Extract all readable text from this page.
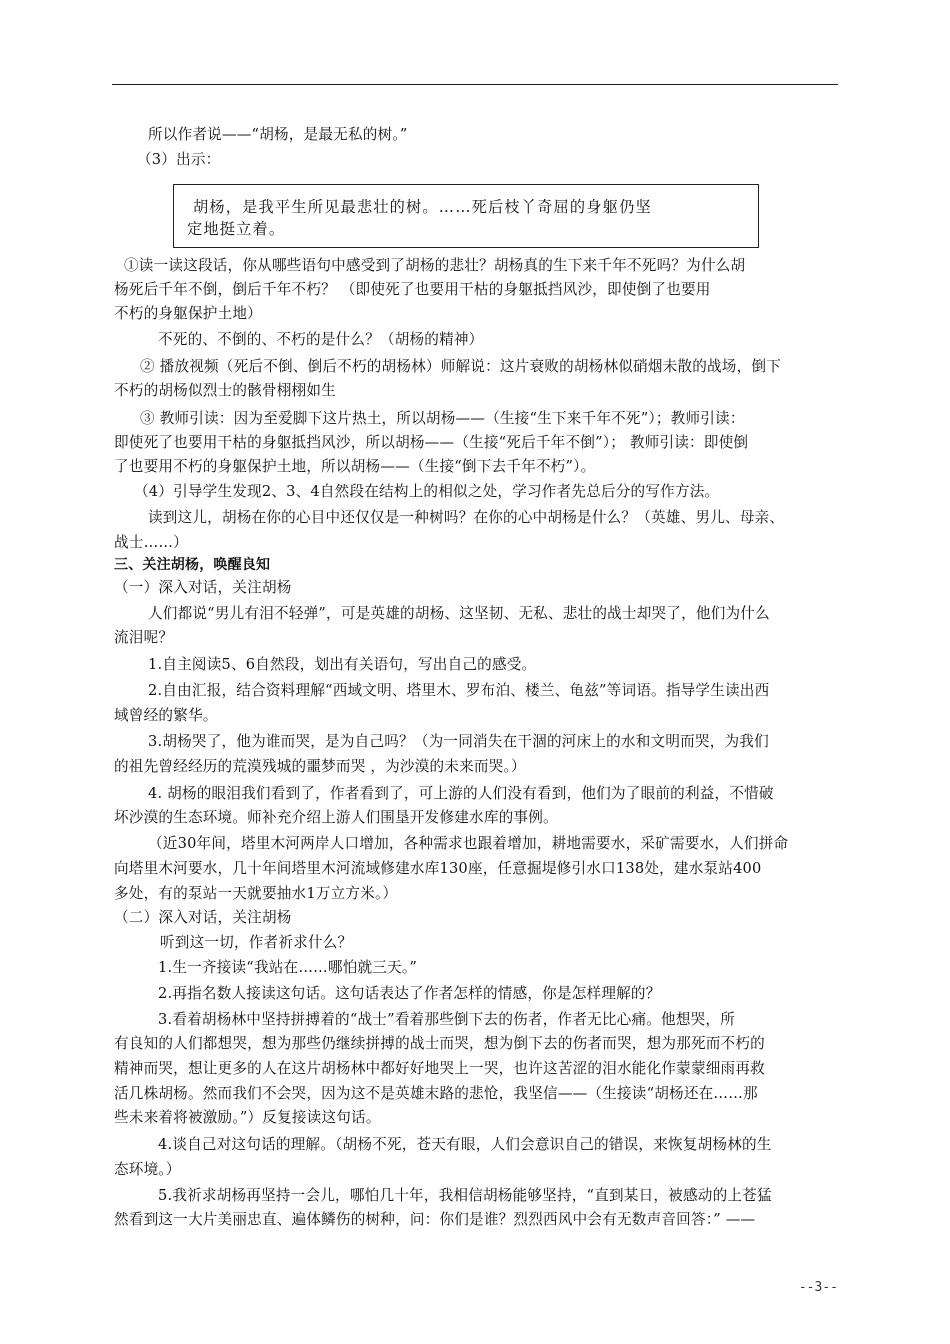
所以作者说——“胡杨，是最无私的树。”
（3）出示：
胡杨，是我平生所见最悲壮的树。……死后枝丫奇屈的身躯仍坚
定地挺立着。
①读一读这段话，你从哪些语句中感受到了胡杨的悲壮？胡杨真的生下来千年不死吗？为什么胡
杨死后千年不倒，倒后千年不朽？ （即使死了也要用干枯的身躯抵挡风沙，即使倒了也要用
不朽的身躯保护土地）
不死的、不倒的、不朽的是什么？（胡杨的精神）
② 播放视频（死后不倒、倒后不朽的胡杨林）师解说：这片衰败的胡杨林似硝烟未散的战场，倒下
不朽的胡杨似烈士的骸骨栩栩如生
③ 教师引读：因为至爱脚下这片热土，所以胡杨——（生接“生下来千年不死”）；教师引读：
即使死了也要用干枯的身躯抵挡风沙，所以胡杨——（生接“死后千年不倒”）； 教师引读：即使倒
了也要用不朽的身躯保护土地，所以胡杨——（生接“倒下去千年不朽”）。
（4）引导学生发现2、3、4自然段在结构上的相似之处，学习作者先总后分的写作方法。
读到这儿，胡杨在你的心目中还仅仅是一种树吗？在你的心中胡杨是什么？（英雄、男儿、母亲、
战士……）
三、关注胡杨，唤醒良知
（一）深入对话，关注胡杨
人们都说“男儿有泪不轻弹”，可是英雄的胡杨、这坚韧、无私、悲壮的战士却哭了，他们为什么
流泪呢？
1.自主阅读5、6自然段，划出有关语句，写出自己的感受。
2.自由汇报，结合资料理解“西域文明、塔里木、罗布泊、楼兰、龟兹”等词语。指导学生读出西
域曾经的繁华。
3.胡杨哭了，他为谁而哭，是为自己吗？（为一同消失在干涸的河床上的水和文明而哭，为我们
的祖先曾经经历的荒漠残城的噩梦而哭 ，为沙漠的未来而哭。）
4. 胡杨的眼泪我们看到了，作者看到了，可上游的人们没有看到，他们为了眼前的利益，不惜破
坏沙漠的生态环境。师补充介绍上游人们围垦开发修建水库的事例。
（近30年间，塔里木河两岸人口增加，各种需求也跟着增加，耕地需要水，采矿需要水，人们拼命
向塔里木河要水，几十年间塔里木河流域修建水库130座，任意掘堤修引水口138处，建水泵站400
多处，有的泵站一天就要抽水1万立方米。）
（二）深入对话，关注胡杨
听到这一切，作者祈求什么？
1.生一齐接读“我站在……哪怕就三天。”
2.再指名数人接读这句话。这句话表达了作者怎样的情感，你是怎样理解的？
3.看着胡杨林中坚持拼搏着的“战士”看着那些倒下去的伤者，作者无比心痛。他想哭，所
有良知的人们都想哭，想为那些仍继续拼搏的战士而哭，想为倒下去的伤者而哭，想为那死而不朽的
精神而哭，想让更多的人在这片胡杨林中都好好地哭上一哭，也许这苦涩的泪水能化作蒙蒙细雨再救
活几株胡杨。然而我们不会哭，因为这不是英雄末路的悲怆，我坚信——（生接读“胡杨还在……那
些未来着将被激励。”）反复接读这句话。
4.谈自己对这句话的理解。（胡杨不死，苍天有眼，人们会意识自己的错误，来恢复胡杨林的生
态环境。）
5.我祈求胡杨再坚持一会儿，哪怕几十年，我相信胡杨能够坚持，“直到某日，被感动的上苍猛
然看到这一大片美丽忠直、遍体鳞伤的树种，问：你们是谁？烈烈西风中会有无数声音回答：” ——
--3--
